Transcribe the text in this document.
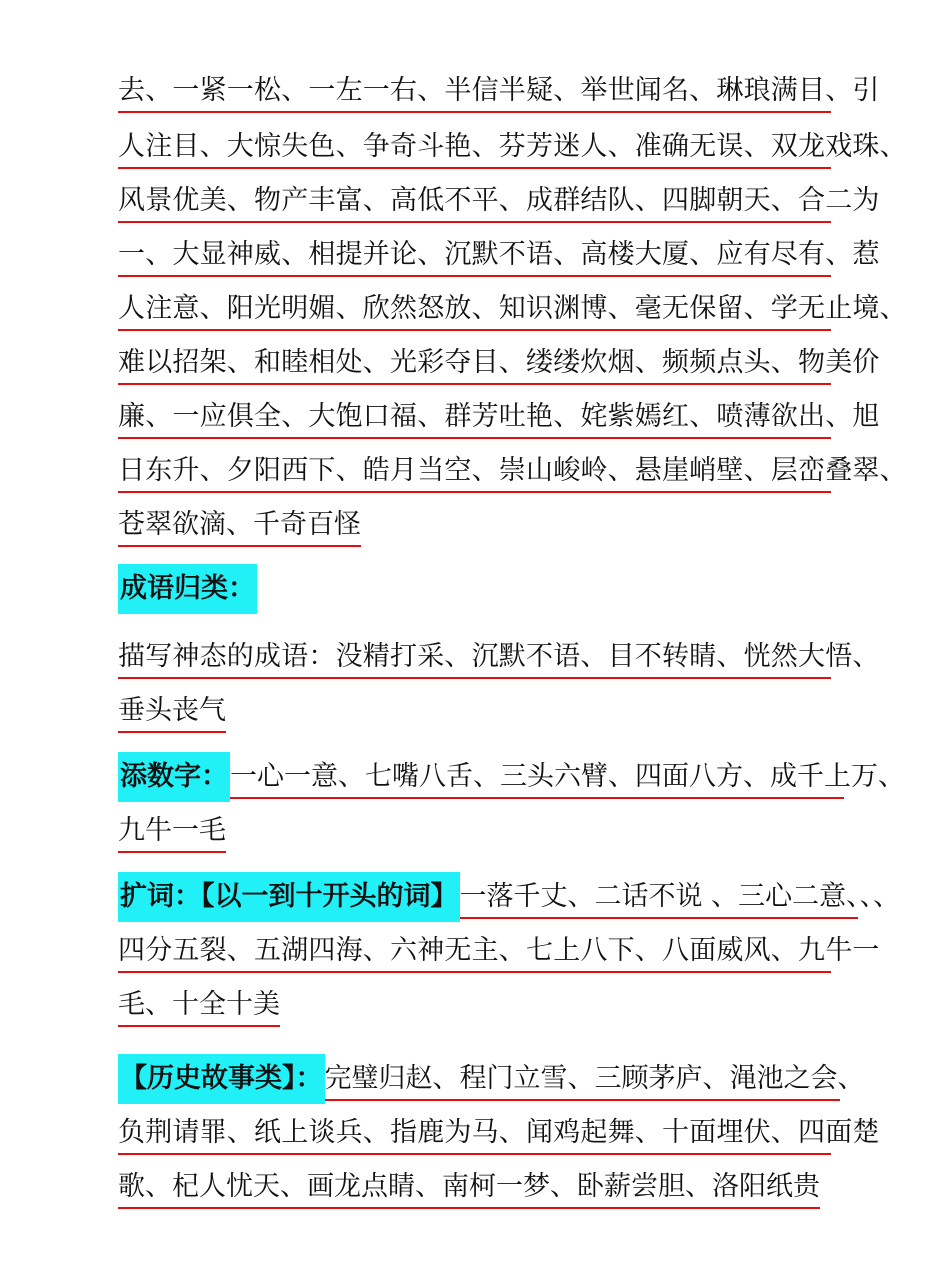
去、一紧一松、一左一右、半信半疑、举世闻名、琳琅满目、引
人注目、大惊失色、争奇斗艳、芬芳迷人、准确无误、双龙戏珠、
风景优美、物产丰富、高低不平、成群结队、四脚朝天、合二为
一、大显神威、相提并论、沉默不语、高楼大厦、应有尽有、惹
人注意、阳光明媚、欣然怒放、知识渊博、毫无保留、学无止境、
难以招架、和睦相处、光彩夺目、缕缕炊烟、频频点头、物美价
廉、一应俱全、大饱口福、群芳吐艳、姹紫嫣红、喷薄欲出、旭
日东升、夕阳西下、皓月当空、崇山峻岭、悬崖峭壁、层峦叠翠、
苍翠欲滴、千奇百怪
成语归类：
描写神态的成语：没精打采、沉默不语、目不转睛、恍然大悟、
垂头丧气
添数字：一心一意、七嘴八舌、三头六臂、四面八方、成千上万、
九牛一毛
扩词：【以一到十开头的词】一落千丈、二话不说 、三心二意、、、
四分五裂、五湖四海、六神无主、七上八下、八面威风、九牛一
毛、十全十美
【历史故事类】：完璧归赵、程门立雪、三顾茅庐、渑池之会、
负荆请罪、纸上谈兵、指鹿为马、闻鸡起舞、十面埋伏、四面楚
歌、杞人忧天、画龙点睛、南柯一梦、卧薪尝胆、洛阳纸贵
